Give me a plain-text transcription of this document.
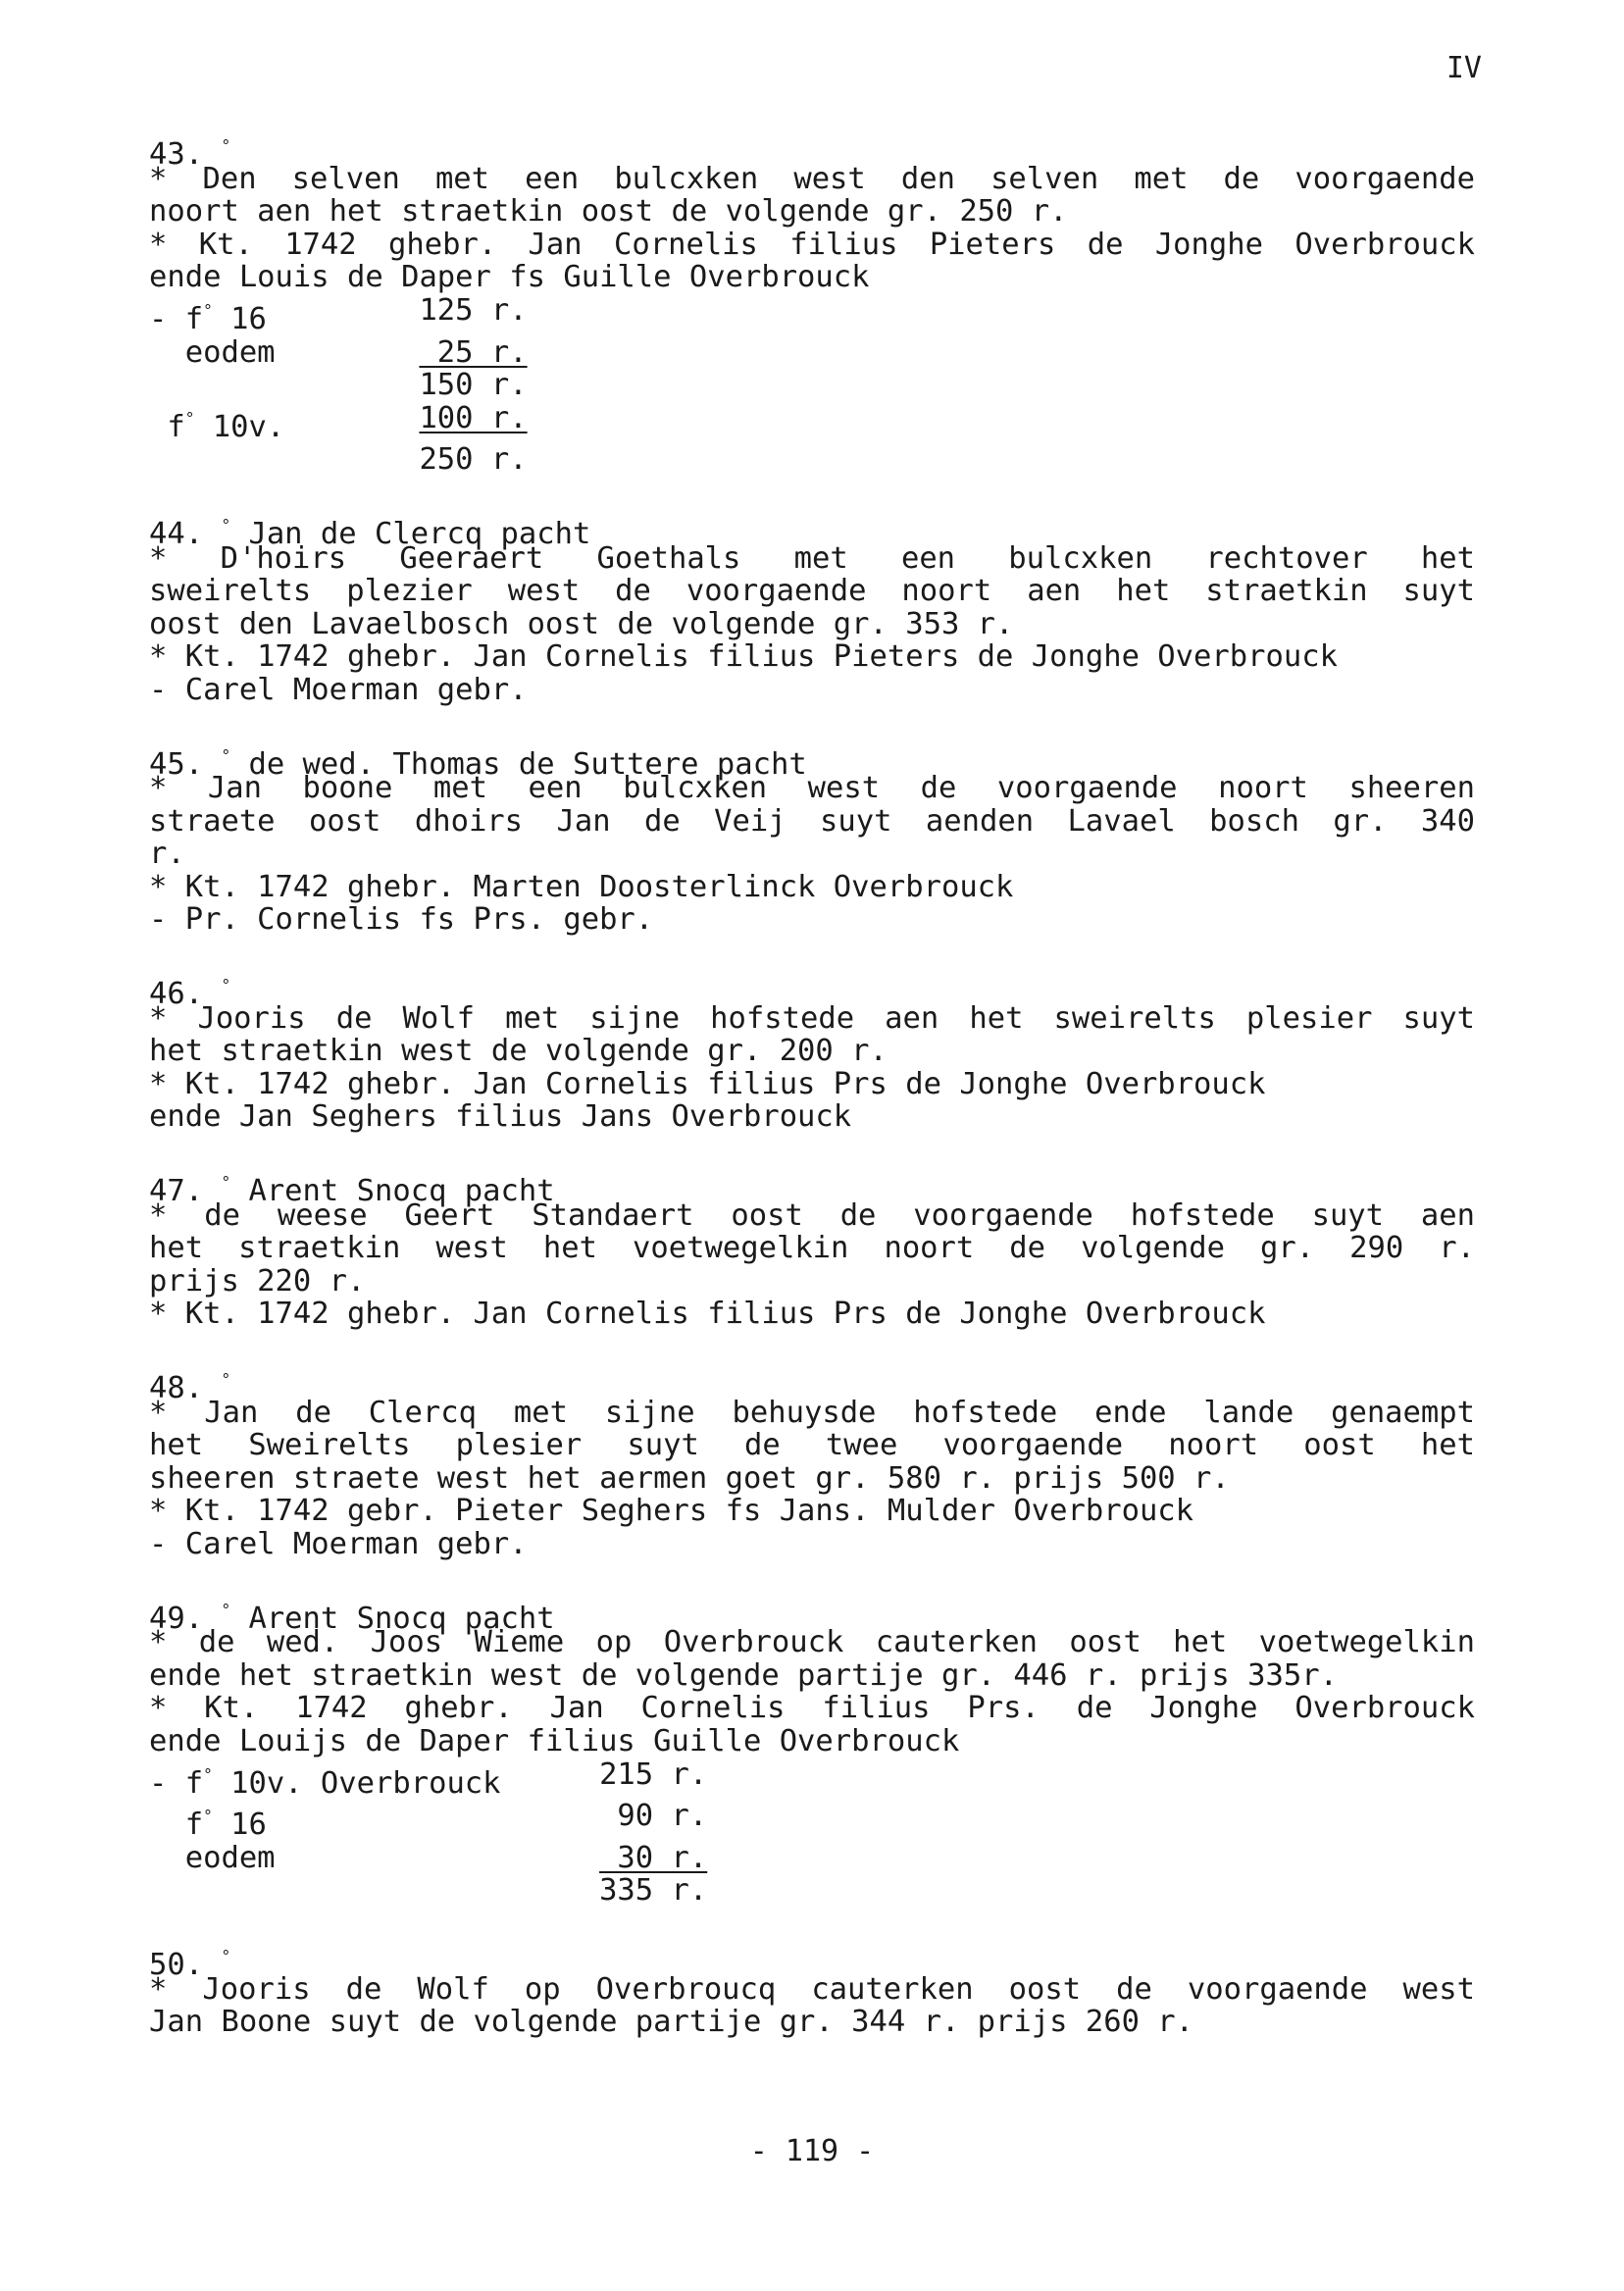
IV
43. °
* Den selven met een bulcxken west den selven met de voorgaende
noort aen het straetkin oost de volgende gr. 250 r.
* Kt. 1742 ghebr. Jan Cornelis filius Pieters de Jonghe Overbrouck
ende Louis de Daper fs Guille Overbrouck
- f° 16	125 r.
eodem	25 r.
	150 r.
f° 10v.	100 r.
	250 r.
44. ° Jan de Clercq pacht
* D'hoirs Geeraert Goethals met een bulcxken rechtover het
sweirelts plezier west de voorgaende noort aen het straetkin suyt
oost den Lavaelbosch oost de volgende gr. 353 r.
* Kt. 1742 ghebr. Jan Cornelis filius Pieters de Jonghe Overbrouck
- Carel Moerman gebr.
45. ° de wed. Thomas de Suttere pacht
* Jan boone met een bulcxken west de voorgaende noort sheeren
straete oost dhoirs Jan de Veij suyt aenden Lavael bosch gr. 340
r.
* Kt. 1742 ghebr. Marten Doosterlinck Overbrouck
- Pr. Cornelis fs Prs. gebr.
46. °
* Jooris de Wolf met sijne hofstede aen het sweirelts plesier suyt
het straetkin west de volgende gr. 200 r.
* Kt. 1742 ghebr. Jan Cornelis filius Prs de Jonghe Overbrouck
ende Jan Seghers filius Jans Overbrouck
47. ° Arent Snocq pacht
* de weese Geert Standaert oost de voorgaende hofstede suyt aen
het straetkin west het voetwegelkin noort de volgende gr. 290 r.
prijs 220 r.
* Kt. 1742 ghebr. Jan Cornelis filius Prs de Jonghe Overbrouck
48. °
* Jan de Clercq met sijne behuysde hofstede ende lande genaempt
het Sweirelts plesier suyt de twee voorgaende noort oost het
sheeren straete west het aermen goet gr. 580 r. prijs 500 r.
* Kt. 1742 gebr. Pieter Seghers fs Jans. Mulder Overbrouck
- Carel Moerman gebr.
49. ° Arent Snocq pacht
* de wed. Joos Wieme op Overbrouck cauterken oost het voetwegelkin
ende het straetkin west de volgende partije gr. 446 r. prijs 335r.
* Kt. 1742 ghebr. Jan Cornelis filius Prs. de Jonghe Overbrouck
ende Louijs de Daper filius Guille Overbrouck
- f° 10v. Overbrouck	215 r.
f° 16	90 r.
eodem	30 r.
	335 r.
50. °
* Jooris de Wolf op Overbroucq cauterken oost de voorgaende west
Jan Boone suyt de volgende partije gr. 344 r. prijs 260 r.
- 119 -
